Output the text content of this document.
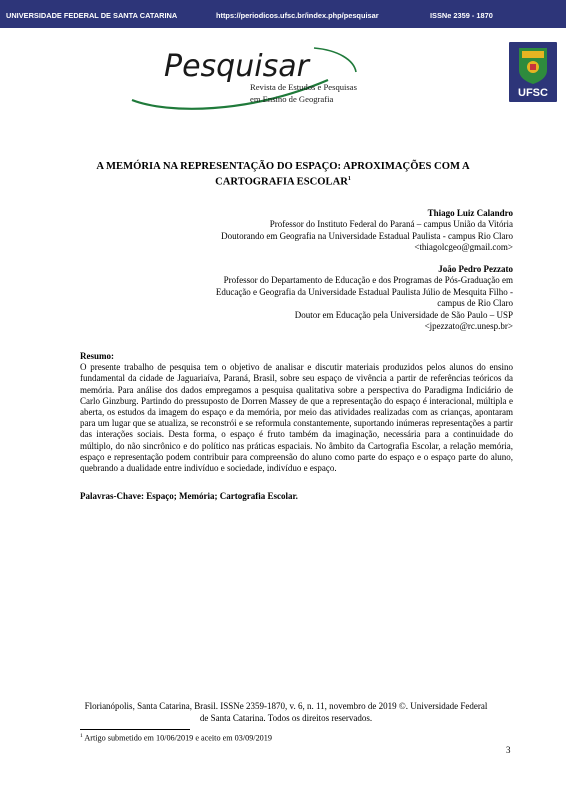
UNIVERSIDADE FEDERAL DE SANTA CATARINA	https://periodicos.ufsc.br/index.php/pesquisar	ISSNe 2359 - 1870
Pesquisar
Revista de Estudos e Pesquisas
em Ensino de Geografia	UFSC
A MEMÓRIA NA REPRESENTAÇÃO DO ESPAÇO: APROXIMAÇÕES COM A
CARTOGRAFIA ESCOLAR$^1$
Thiago Luiz Calandro
Professor do Instituto Federal do Paraná – campus União da Vitória
Doutorando em Geografia na Universidade Estadual Paulista - campus Rio Claro
<thiagolcgeo@gmail.com>
João Pedro Pezzato
Professor do Departamento de Educação e dos Programas de Pós-Graduação em
Educação e Geografia da Universidade Estadual Paulista Júlio de Mesquita Filho -
campus de Rio Claro
Doutor em Educação pela Universidade de São Paulo – USP
<jpezzato@rc.unesp.br>
Resumo:
O presente trabalho de pesquisa tem o objetivo de analisar e discutir materiais produzidos pelos alunos do ensino fundamental da cidade de Jaguariaíva, Paraná, Brasil, sobre seu espaço de vivência a partir de referências teóricos da memória. Para análise dos dados empregamos a pesquisa qualitativa sobre a perspectiva do Paradigma Indiciário de Carlo Ginzburg. Partindo do pressuposto de Dorren Massey de que a representação do espaço é interacional, múltipla e aberta, os estudos da imagem do espaço e da memória, por meio das atividades realizadas com as crianças, apontaram para um lugar que se atualiza, se reconstrói e se reformula constantemente, suportando inúmeras representações a partir das interações sociais. Desta forma, o espaço é fruto também da imaginação, necessária para a continuidade do múltiplo, do não sincrônico e do político nas práticas espaciais. No âmbito da Cartografia Escolar, a relação memória, espaço e representação podem contribuir para compreensão do aluno como parte do espaço e o espaço parte do aluno, quebrando a dualidade entre indivíduo e sociedade, indivíduo e espaço.
Palavras-Chave: Espaço; Memória; Cartografia Escolar.
Florianópolis, Santa Catarina, Brasil. ISSNe 2359-1870, v. 6, n. 11, novembro de 2019 ©. Universidade Federal
de Santa Catarina. Todos os direitos reservados.
$^1$ Artigo submetido em 10/06/2019 e aceito em 03/09/2019
3
